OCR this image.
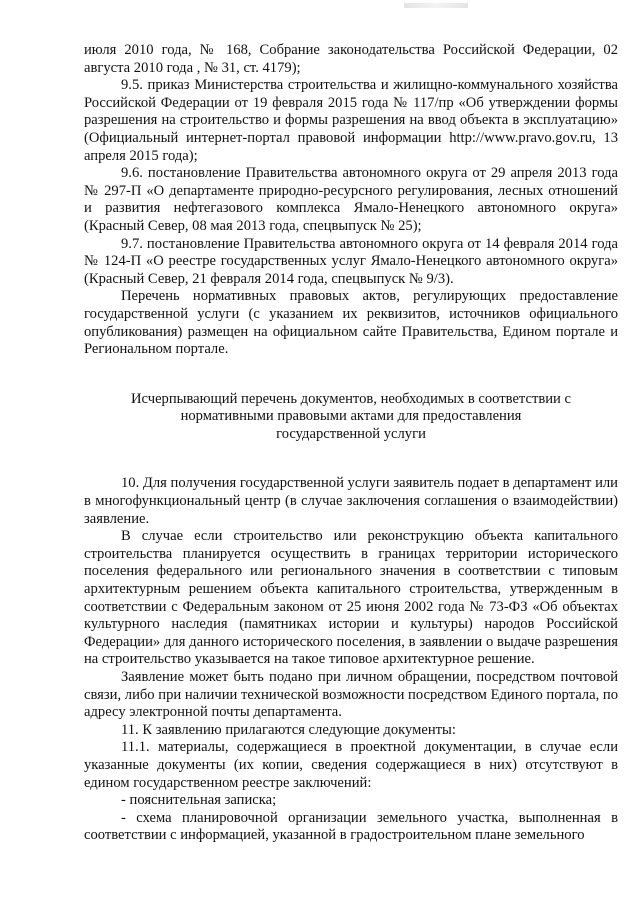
июля 2010 года, № 168, Собрание законодательства Российской Федерации, 02 августа 2010 года , № 31, ст. 4179);

9.5. приказ Министерства строительства и жилищно-коммунального хозяйства Российской Федерации от 19 февраля 2015 года № 117/пр «Об утверждении формы разрешения на строительство и формы разрешения на ввод объекта в эксплуатацию» (Официальный интернет-портал правовой информации http://www.pravo.gov.ru, 13 апреля 2015 года);

9.6. постановление Правительства автономного округа от 29 апреля 2013 года № 297-П «О департаменте природно-ресурсного регулирования, лесных отношений и развития нефтегазового комплекса Ямало-Ненецкого автономного округа» (Красный Север, 08 мая 2013 года, спецвыпуск № 25);

9.7. постановление Правительства автономного округа от 14 февраля 2014 года № 124-П «О реестре государственных услуг Ямало-Ненецкого автономного округа» (Красный Север, 21 февраля 2014 года, спецвыпуск № 9/3).

Перечень нормативных правовых актов, регулирующих предоставление государственной услуги (с указанием их реквизитов, источников официального опубликования) размещен на официальном сайте Правительства, Едином портале и Региональном портале.

Исчерпывающий перечень документов, необходимых в соответствии с
нормативными правовыми актами для предоставления
государственной услуги

10. Для получения государственной услуги заявитель подает в департамент или в многофункциональный центр (в случае заключения соглашения о взаимодействии) заявление.

В случае если строительство или реконструкцию объекта капитального строительства планируется осуществить в границах территории исторического поселения федерального или регионального значения в соответствии с типовым архитектурным решением объекта капитального строительства, утвержденным в соответствии с Федеральным законом от 25 июня 2002 года № 73-ФЗ «Об объектах культурного наследия (памятниках истории и культуры) народов Российской Федерации» для данного исторического поселения, в заявлении о выдаче разрешения на строительство указывается на такое типовое архитектурное решение.

Заявление может быть подано при личном обращении, посредством почтовой связи, либо при наличии технической возможности посредством Единого портала, по адресу электронной почты департамента.

11. К заявлению прилагаются следующие документы:

11.1. материалы, содержащиеся в проектной документации, в случае если указанные документы (их копии, сведения содержащиеся в них) отсутствуют в едином государственном реестре заключений:

- пояснительная записка;

- схема планировочной организации земельного участка, выполненная в соответствии с информацией, указанной в градостроительном плане земельного
